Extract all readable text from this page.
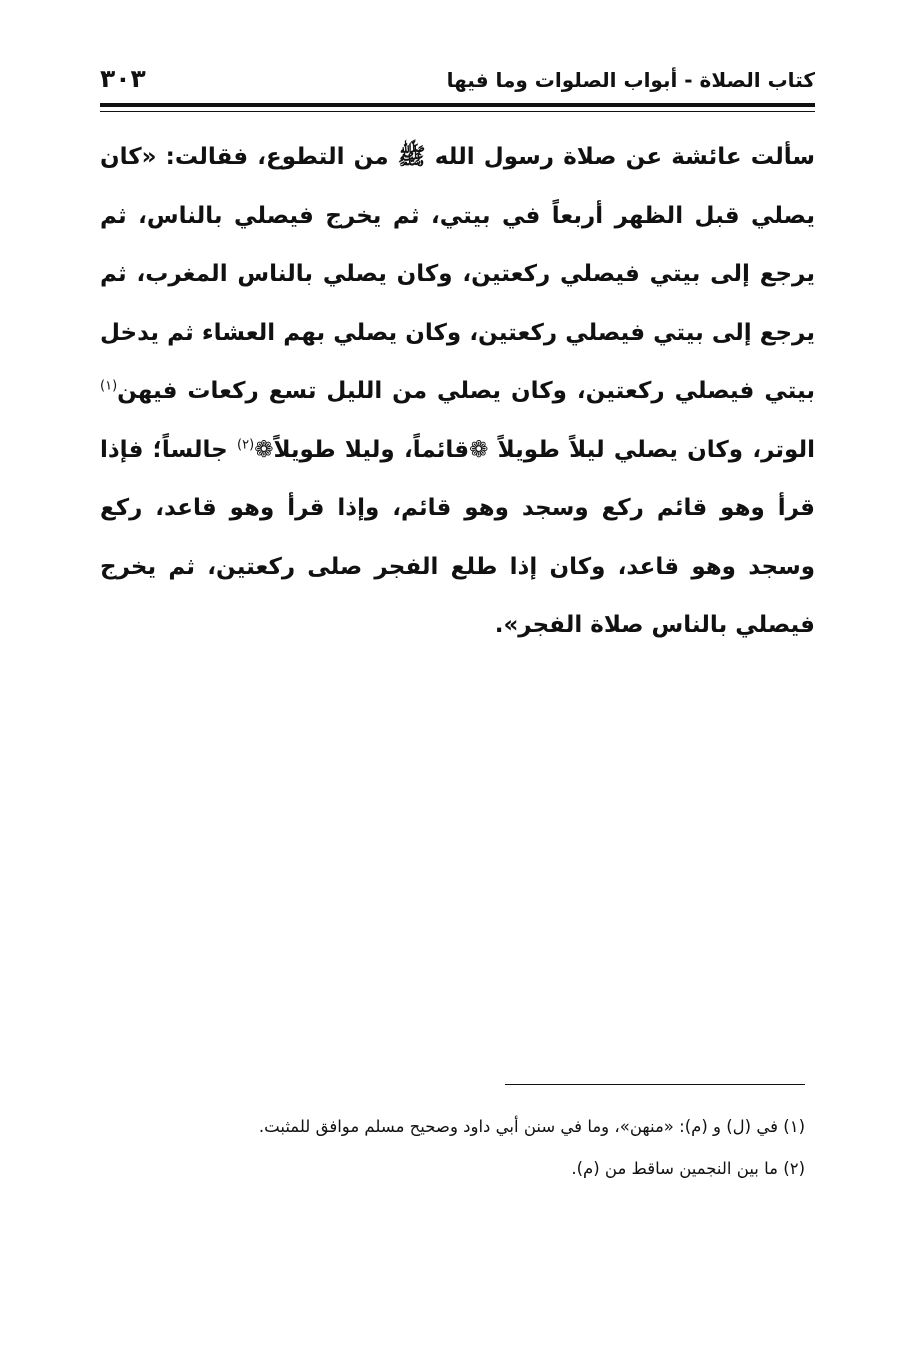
كتاب الصلاة - أبواب الصلوات وما فيها
٣٠٣

سألت عائشة عن صلاة رسول الله ﷺ من التطوع، فقالت: «كان يصلي قبل الظهر أربعاً في بيتي، ثم يخرج فيصلي بالناس، ثم يرجع إلى بيتي فيصلي ركعتين، وكان يصلي بالناس المغرب، ثم يرجع إلى بيتي فيصلي ركعتين، وكان يصلي بهم العشاء ثم يدخل بيتي فيصلي ركعتين، وكان يصلي من الليل تسع ركعات فيهن$^{(١)}$ الوتر، وكان يصلي ليلاً طويلاً ❁قائماً، وليلا طويلاً❁$^{(٢)}$ جالساً؛ فإذا قرأ وهو قائم ركع وسجد وهو قائم، وإذا قرأ وهو قاعد، ركع وسجد وهو قاعد، وكان إذا طلع الفجر صلى ركعتين، ثم يخرج فيصلي بالناس صلاة الفجر».

(١) في (ل) و (م): «منهن»، وما في سنن أبي داود وصحيح مسلم موافق للمثبت.

(٢) ما بين النجمين ساقط من (م).
